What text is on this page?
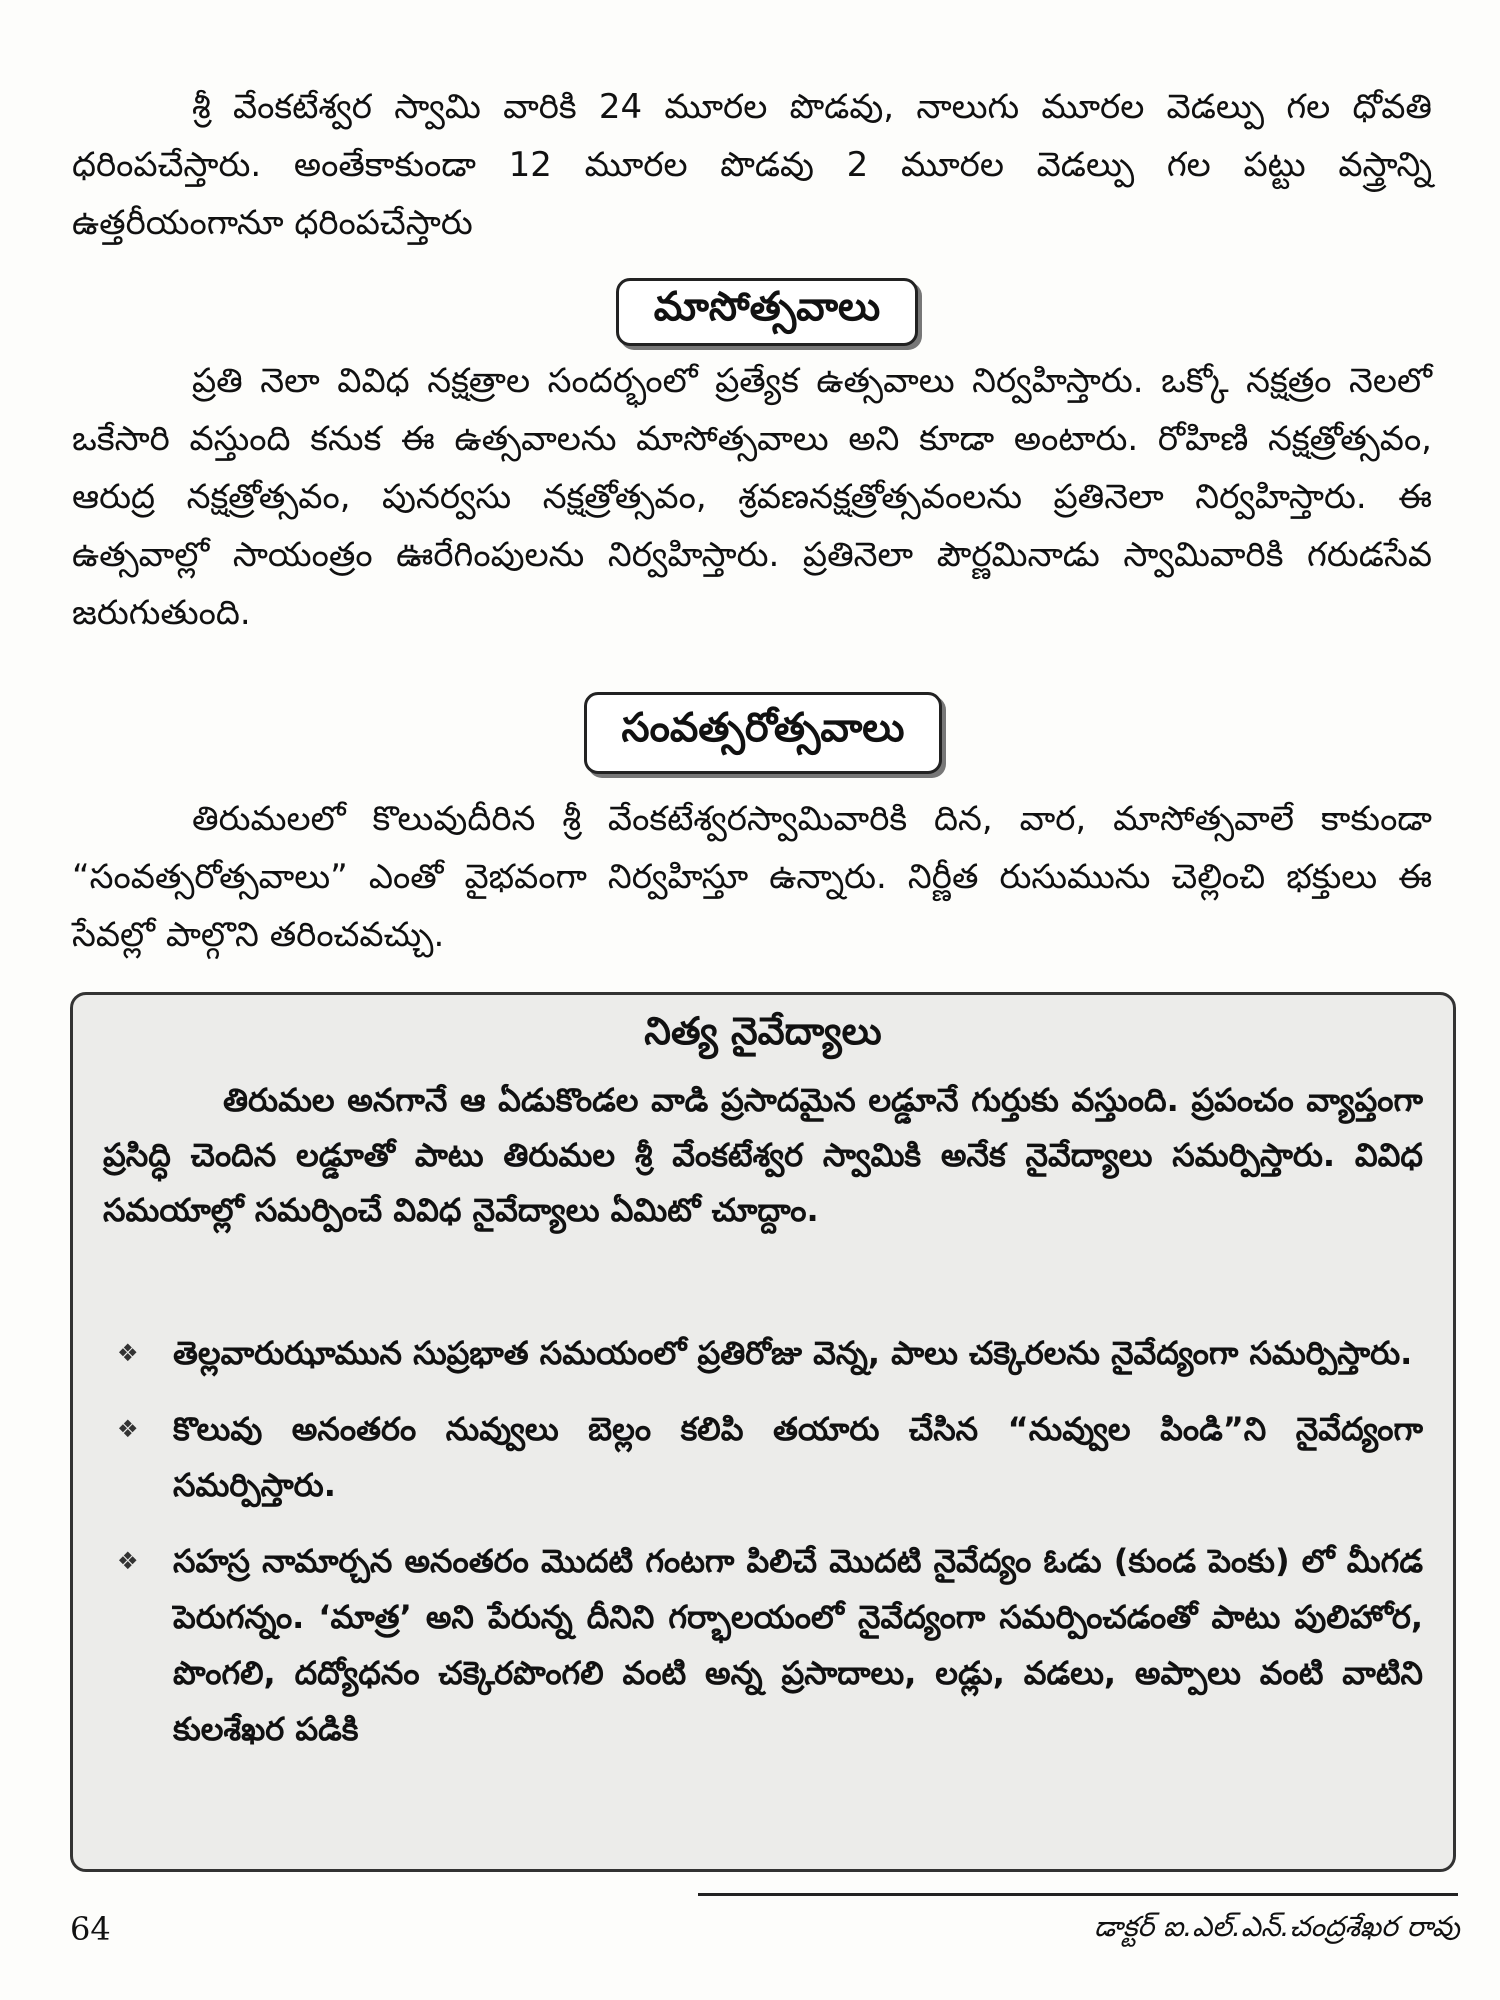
శ్రీ వేంకటేశ్వర స్వామి వారికి 24 మూరల పొడవు, నాలుగు మూరల వెడల్పు గల ధోవతి ధరింపచేస్తారు. అంతేకాకుండా 12 మూరల పొడవు 2 మూరల వెడల్పు గల పట్టు వస్త్రాన్ని ఉత్తరీయంగానూ ధరింపచేస్తారు

మాసోత్సవాలు

ప్రతి నెలా వివిధ నక్షత్రాల సందర్భంలో ప్రత్యేక ఉత్సవాలు నిర్వహిస్తారు. ఒక్కో నక్షత్రం నెలలో ఒకేసారి వస్తుంది కనుక ఈ ఉత్సవాలను మాసోత్సవాలు అని కూడా అంటారు. రోహిణి నక్షత్రోత్సవం, ఆరుద్ర నక్షత్రోత్సవం, పునర్వసు నక్షత్రోత్సవం, శ్రవణనక్షత్రోత్సవంలను ప్రతినెలా నిర్వహిస్తారు. ఈ ఉత్సవాల్లో సాయంత్రం ఊరేగింపులను నిర్వహిస్తారు. ప్రతినెలా పౌర్ణమినాడు స్వామివారికి గరుడసేవ జరుగుతుంది.

సంవత్సరోత్సవాలు

తిరుమలలో కొలువుదీరిన శ్రీ వేంకటేశ్వరస్వామివారికి దిన, వార, మాసోత్సవాలే కాకుండా “సంవత్సరోత్సవాలు” ఎంతో వైభవంగా నిర్వహిస్తూ ఉన్నారు. నిర్ణీత రుసుమును చెల్లించి భక్తులు ఈ సేవల్లో పాల్గొని తరించవచ్చు.

నిత్య నైవేద్యాలు

తిరుమల అనగానే ఆ ఏడుకొండల వాడి ప్రసాదమైన లడ్డూనే గుర్తుకు వస్తుంది. ప్రపంచం వ్యాప్తంగా ప్రసిద్ధి చెందిన లడ్డూతో పాటు తిరుమల శ్రీ వేంకటేశ్వర స్వామికి అనేక నైవేద్యాలు సమర్పిస్తారు. వివిధ సమయాల్లో సమర్పించే వివిధ నైవేద్యాలు ఏమిటో చూద్దాం.

❖ తెల్లవారుఝామున సుప్రభాత సమయంలో ప్రతిరోజు వెన్న, పాలు చక్కెరలను నైవేద్యంగా సమర్పిస్తారు.
❖ కొలువు అనంతరం నువ్వులు బెల్లం కలిపి తయారు చేసిన “నువ్వుల పిండి”ని నైవేద్యంగా సమర్పిస్తారు.
❖ సహస్ర నామార్చన అనంతరం మొదటి గంటగా పిలిచే మొదటి నైవేద్యం ఓడు (కుండ పెంకు) లో మీగడ పెరుగన్నం. ‘మాత్ర’ అని పేరున్న దీనిని గర్భాలయంలో నైవేద్యంగా సమర్పించడంతో పాటు పులిహోర, పొంగలి, దద్యోధనం చక్కెరపొంగలి వంటి అన్న ప్రసాదాలు, లడ్లు, వడలు, అప్పాలు వంటి వాటిని కులశేఖర పడికి
64	డాక్టర్ ఐ.ఎల్.ఎన్.చంద్రశేఖర రావు
